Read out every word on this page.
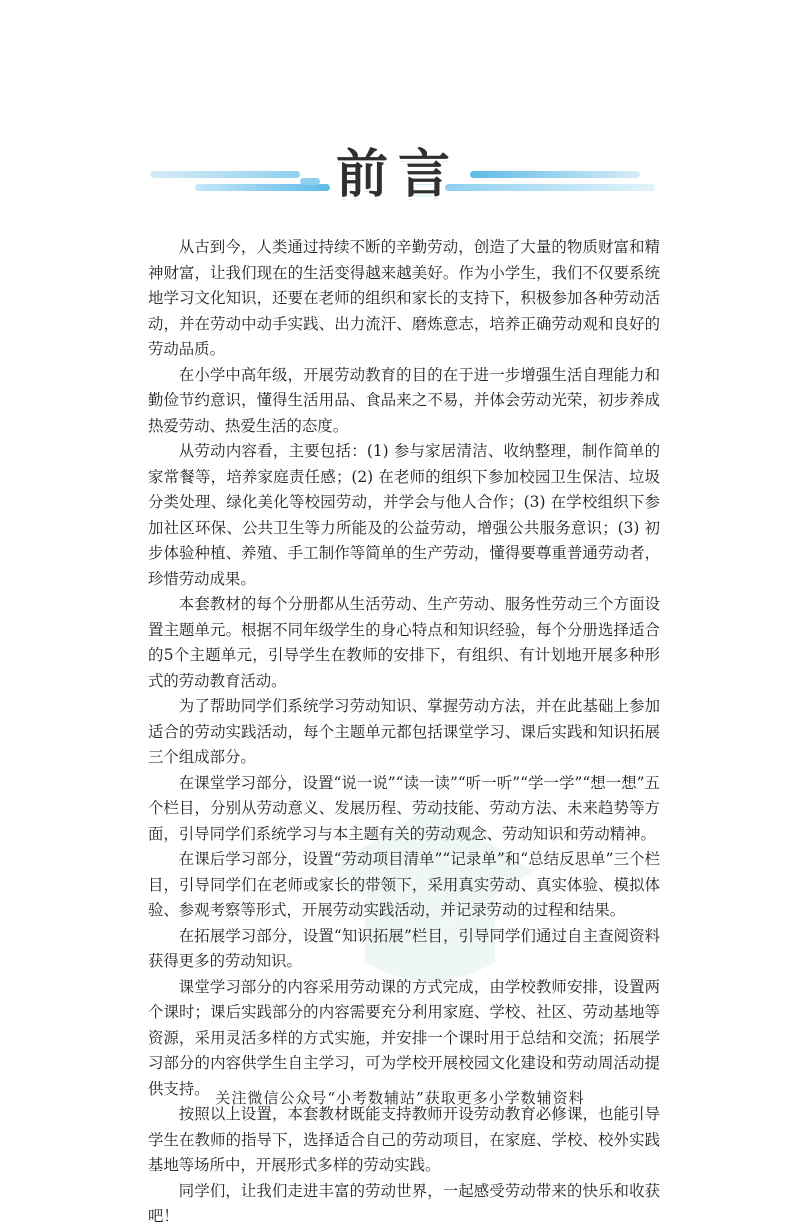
前言

从古到今，人类通过持续不断的辛勤劳动，创造了大量的物质财富和精神财富，让我们现在的生活变得越来越美好。作为小学生，我们不仅要系统地学习文化知识，还要在老师的组织和家长的支持下，积极参加各种劳动活动，并在劳动中动手实践、出力流汗、磨炼意志，培养正确劳动观和良好的劳动品质。

在小学中高年级，开展劳动教育的目的在于进一步增强生活自理能力和勤俭节约意识，懂得生活用品、食品来之不易，并体会劳动光荣，初步养成热爱劳动、热爱生活的态度。

从劳动内容看，主要包括：(1) 参与家居清洁、收纳整理，制作简单的家常餐等，培养家庭责任感；(2) 在老师的组织下参加校园卫生保洁、垃圾分类处理、绿化美化等校园劳动，并学会与他人合作；(3) 在学校组织下参加社区环保、公共卫生等力所能及的公益劳动，增强公共服务意识；(3) 初步体验种植、养殖、手工制作等简单的生产劳动，懂得要尊重普通劳动者，珍惜劳动成果。

本套教材的每个分册都从生活劳动、生产劳动、服务性劳动三个方面设置主题单元。根据不同年级学生的身心特点和知识经验，每个分册选择适合的5个主题单元，引导学生在教师的安排下，有组织、有计划地开展多种形式的劳动教育活动。

为了帮助同学们系统学习劳动知识、掌握劳动方法，并在此基础上参加适合的劳动实践活动，每个主题单元都包括课堂学习、课后实践和知识拓展三个组成部分。

在课堂学习部分，设置“说一说”“读一读”“听一听”“学一学”“想一想”五个栏目，分别从劳动意义、发展历程、劳动技能、劳动方法、未来趋势等方面，引导同学们系统学习与本主题有关的劳动观念、劳动知识和劳动精神。

在课后学习部分，设置“劳动项目清单”“记录单”和“总结反思单”三个栏目，引导同学们在老师或家长的带领下，采用真实劳动、真实体验、模拟体验、参观考察等形式，开展劳动实践活动，并记录劳动的过程和结果。

在拓展学习部分，设置“知识拓展”栏目，引导同学们通过自主查阅资料获得更多的劳动知识。

课堂学习部分的内容采用劳动课的方式完成，由学校教师安排，设置两个课时；课后实践部分的内容需要充分利用家庭、学校、社区、劳动基地等资源，采用灵活多样的方式实施，并安排一个课时用于总结和交流；拓展学习部分的内容供学生自主学习，可为学校开展校园文化建设和劳动周活动提供支持。

按照以上设置，本套教材既能支持教师开设劳动教育必修课，也能引导学生在教师的指导下，选择适合自己的劳动项目，在家庭、学校、校外实践基地等场所中，开展形式多样的劳动实践。

同学们，让我们走进丰富的劳动世界，一起感受劳动带来的快乐和收获吧！

关注微信公众号“小考数辅站”获取更多小学数辅资料
